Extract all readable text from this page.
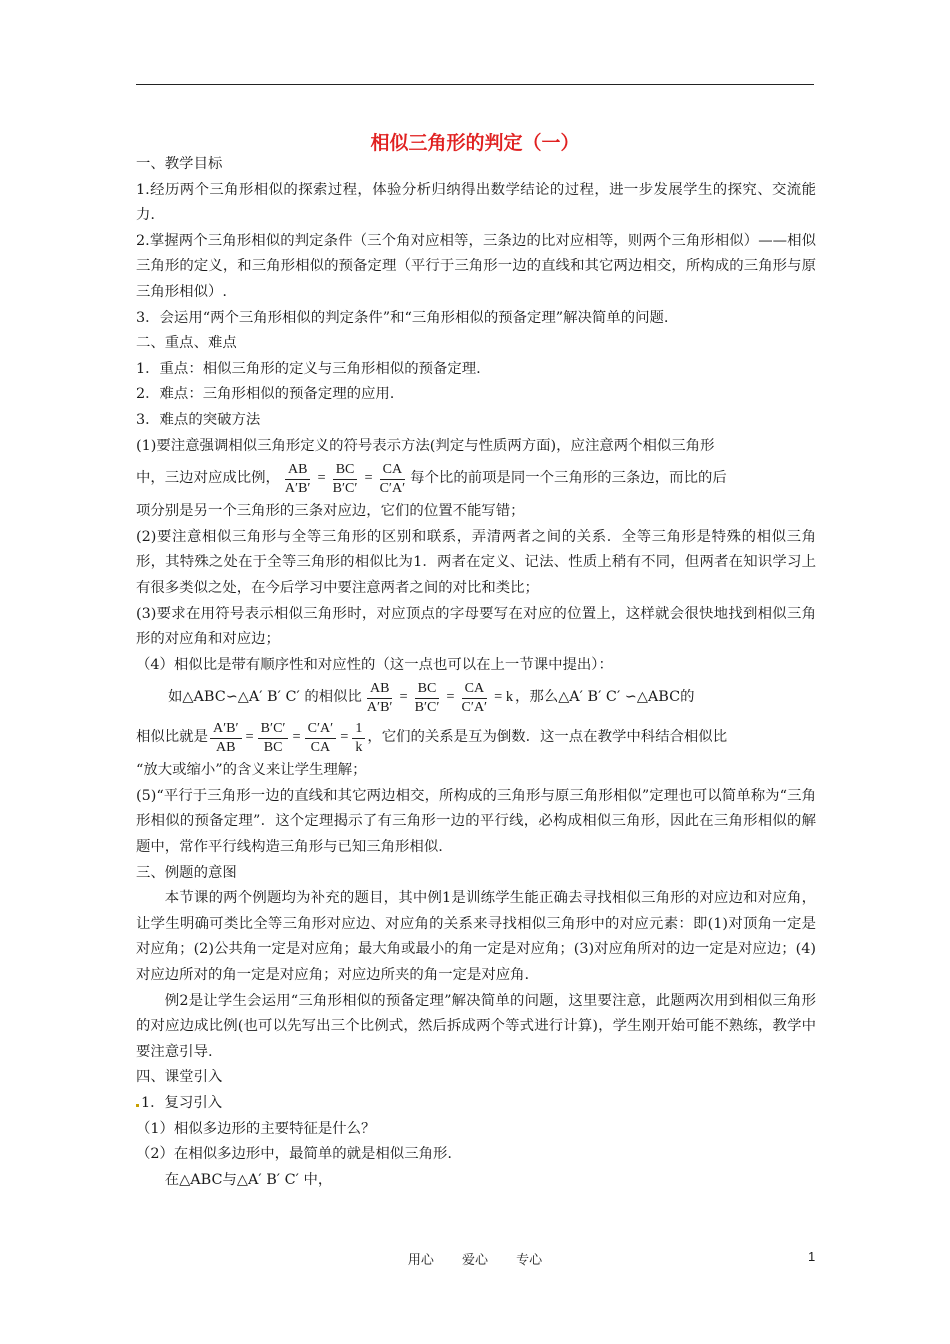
相似三角形的判定（一）

一、教学目标

1.经历两个三角形相似的探索过程，体验分析归纳得出数学结论的过程，进一步发展学生的探究、交流能力.

2.掌握两个三角形相似的判定条件（三个角对应相等，三条边的比对应相等，则两个三角形相似）——相似三角形的定义，和三角形相似的预备定理（平行于三角形一边的直线和其它两边相交，所构成的三角形与原三角形相似）.

3．会运用“两个三角形相似的判定条件”和“三角形相似的预备定理”解决简单的问题.

二、重点、难点

1．重点：相似三角形的定义与三角形相似的预备定理.

2．难点：三角形相似的预备定理的应用.

3．难点的突破方法

(1)要注意强调相似三角形定义的符号表示方法(判定与性质两方面)，应注意两个相似三角形

中，三边对应成比例， $\frac{AB}{A'B'} = \frac{BC}{B'C'} = \frac{CA}{C'A'}$ 每个比的前项是同一个三角形的三条边，而比的后

项分别是另一个三角形的三条对应边，它们的位置不能写错；

(2)要注意相似三角形与全等三角形的区别和联系，弄清两者之间的关系．全等三角形是特殊的相似三角形，其特殊之处在于全等三角形的相似比为1．两者在定义、记法、性质上稍有不同，但两者在知识学习上有很多类似之处，在今后学习中要注意两者之间的对比和类比；

(3)要求在用符号表示相似三角形时，对应顶点的字母要写在对应的位置上，这样就会很快地找到相似三角形的对应角和对应边；

（4）相似比是带有顺序性和对应性的（这一点也可以在上一节课中提出）：

如△ABC∽△A′ B′ C′ 的相似比 $\frac{AB}{A'B'} = \frac{BC}{B'C'} = \frac{CA}{C'A'} = k$ ，那么△A′ B′ C′ ∽△ABC的
相似比就是 $\frac{A'B'}{AB} = \frac{B'C'}{BC} = \frac{C'A'}{CA} = \frac{1}{k}$ ，它们的关系是互为倒数．这一点在教学中科结合相似比

“放大或缩小”的含义来让学生理解；

(5)“平行于三角形一边的直线和其它两边相交，所构成的三角形与原三角形相似”定理也可以简单称为“三角形相似的预备定理”．这个定理揭示了有三角形一边的平行线，必构成相似三角形，因此在三角形相似的解题中，常作平行线构造三角形与已知三角形相似.

三、例题的意图

本节课的两个例题均为补充的题目，其中例1是训练学生能正确去寻找相似三角形的对应边和对应角，让学生明确可类比全等三角形对应边、对应角的关系来寻找相似三角形中的对应元素：即(1)对顶角一定是对应角；(2)公共角一定是对应角；最大角或最小的角一定是对应角；(3)对应角所对的边一定是对应边；(4)对应边所对的角一定是对应角；对应边所夹的角一定是对应角.

例2是让学生会运用“三角形相似的预备定理”解决简单的问题，这里要注意，此题两次用到相似三角形的对应边成比例(也可以先写出三个比例式，然后拆成两个等式进行计算)，学生刚开始可能不熟练，教学中要注意引导.

四、课堂引入

1．复习引入

（1）相似多边形的主要特征是什么？

（2）在相似多边形中，最简单的就是相似三角形.

在△ABC与△A′ B′ C′ 中，

用心 爱心 专心	1
